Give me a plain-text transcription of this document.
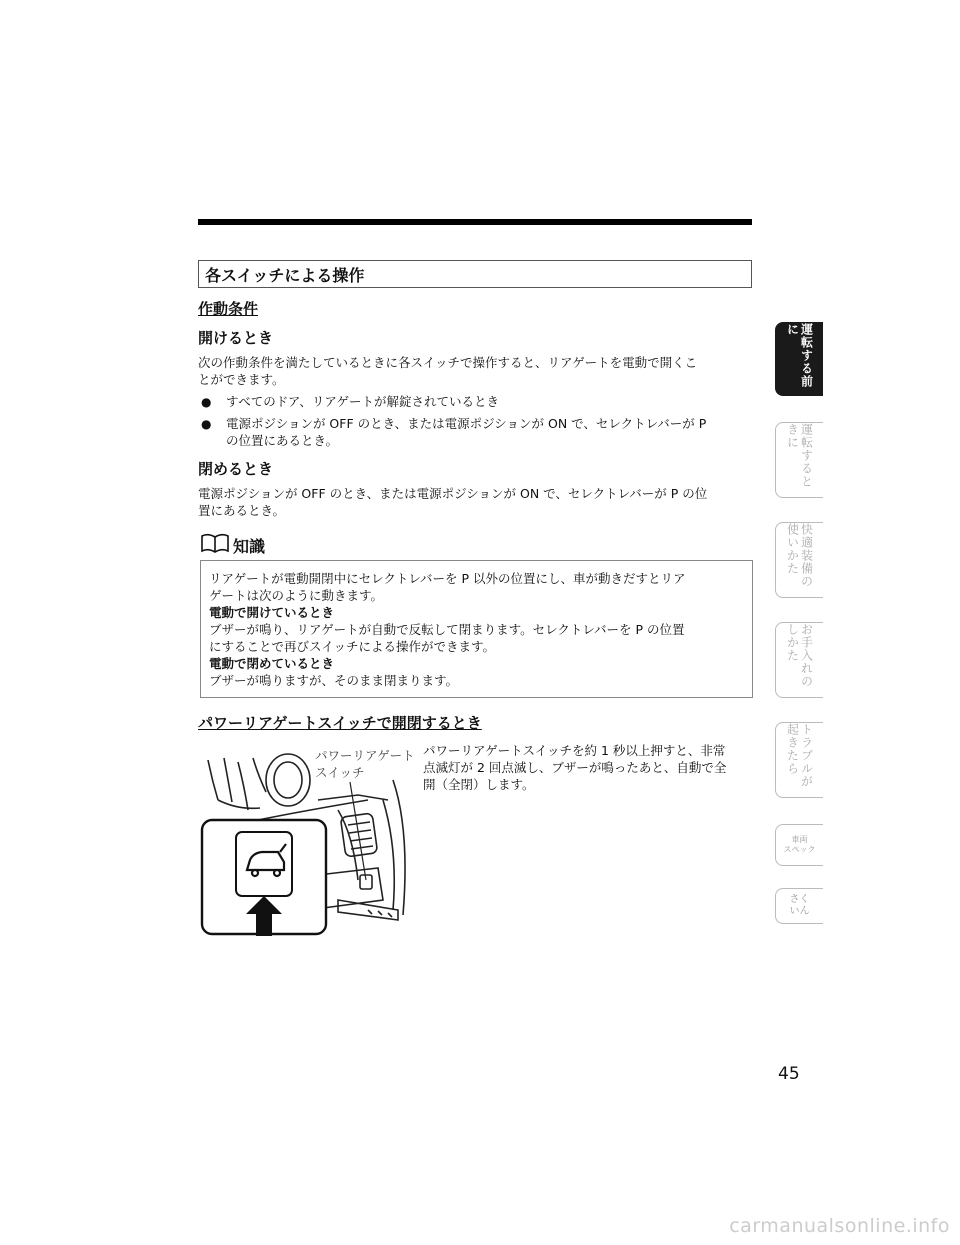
各スイッチによる操作
作動条件
開けるとき
次の作動条件を満たしているときに各スイッチで操作すると、リアゲートを電動で開くこ
とができます。
● すべてのドア、リアゲートが解錠されているとき
● 電源ポジションが OFF のとき、または電源ポジションが ON で、セレクトレバーが P
の位置にあるとき。
閉めるとき
電源ポジションが OFF のとき、または電源ポジションが ON で、セレクトレバーが P の位
置にあるとき。
知識
リアゲートが電動開閉中にセレクトレバーを P 以外の位置にし、車が動きだすとリア
ゲートは次のように動きます。
電動で開けているとき
ブザーが鳴り、リアゲートが自動で反転して閉まります。セレクトレバーを P の位置
にすることで再びスイッチによる操作ができます。
電動で閉めているとき
ブザーが鳴りますが、そのまま閉まります。
パワーリアゲートスイッチで開閉するとき
パワーリアゲート
スイッチ
パワーリアゲートスイッチを約 1 秒以上押すと、非常
点滅灯が 2 回点滅し、ブザーが鳴ったあと、自動で全
開（全閉）します。
運転する前に
運転するときに
快適装備の使いかた
お手入れのしかた
トラブルが起きたら
車両
スペック
さく
いん
45
carmanualsonline.info
